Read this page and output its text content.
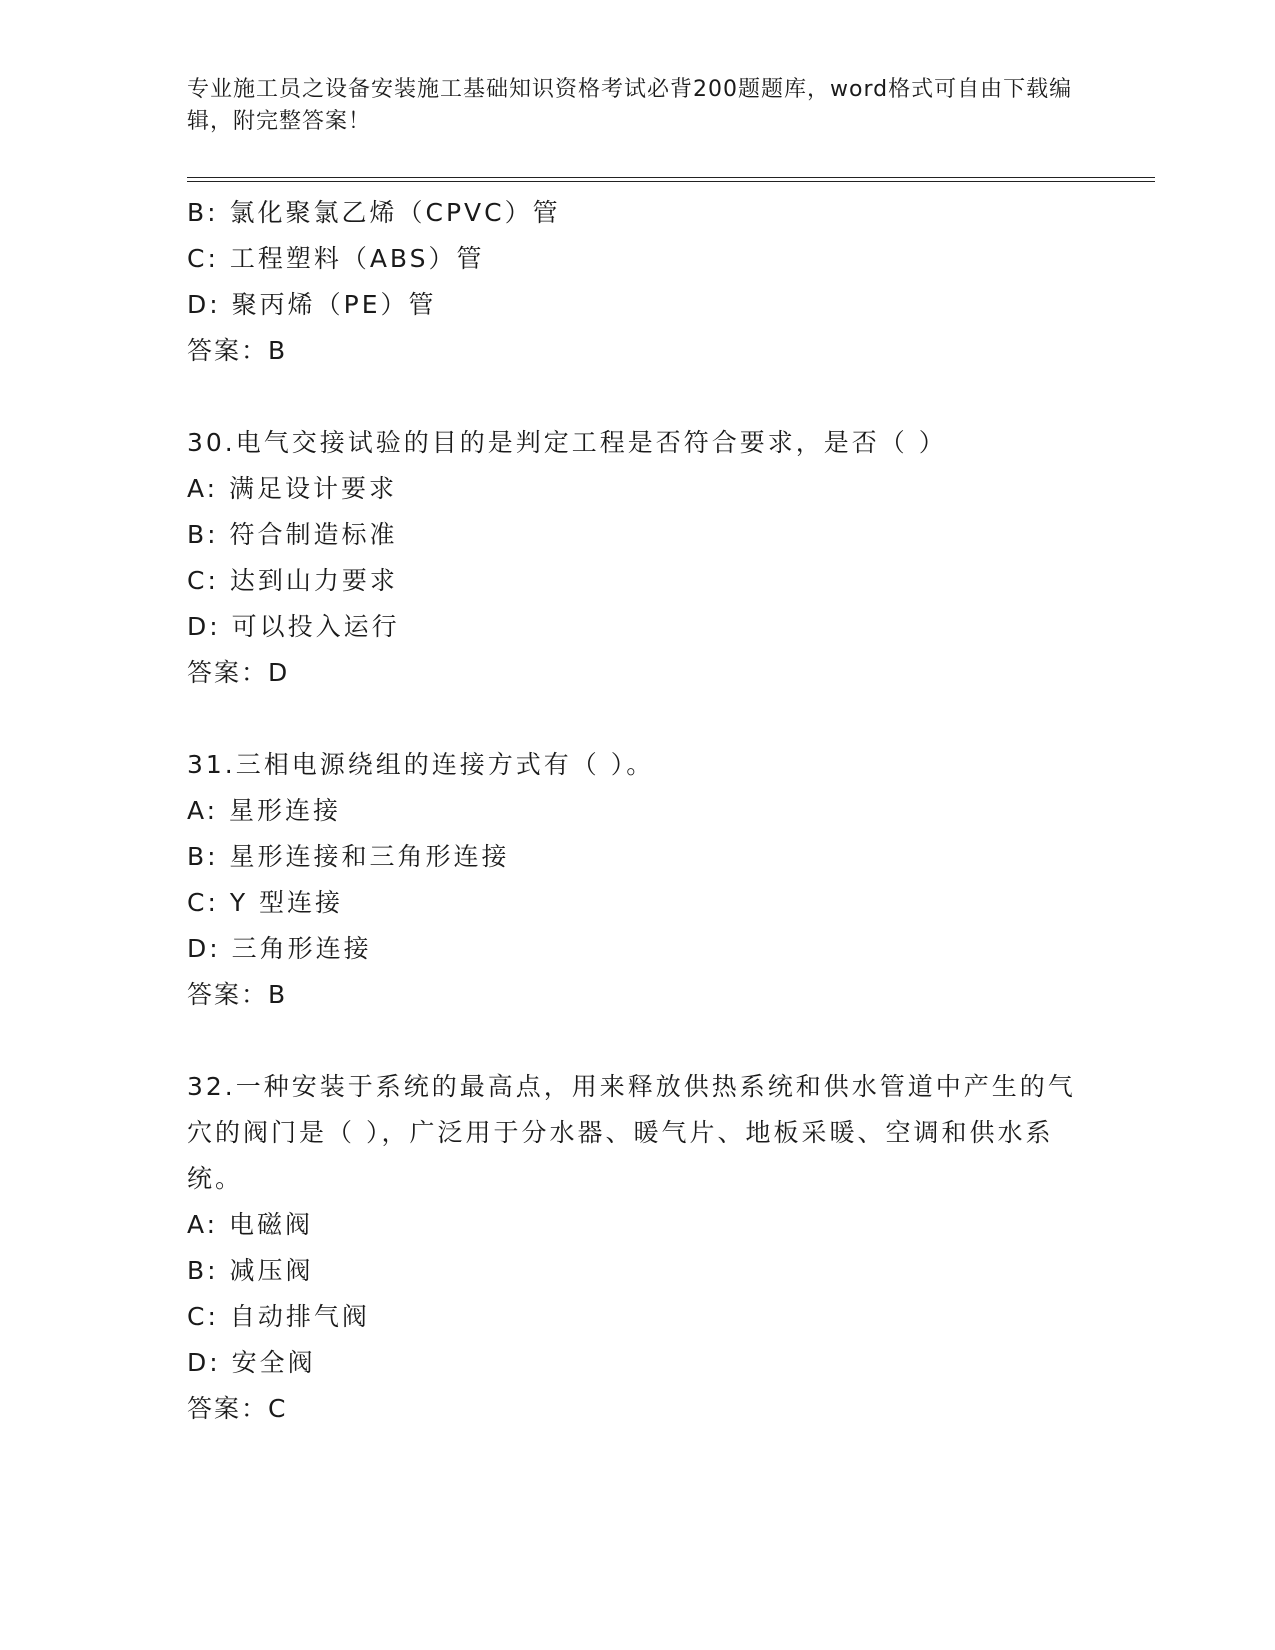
专业施工员之设备安装施工基础知识资格考试必背200题题库，word格式可自由下载编辑，附完整答案！
B: 氯化聚氯乙烯（CPVC）管
C: 工程塑料（ABS）管
D: 聚丙烯（PE）管
答案：B
30.电气交接试验的目的是判定工程是否符合要求，是否（ ）
A: 满足设计要求
B: 符合制造标准
C: 达到山力要求
D: 可以投入运行
答案：D
31.三相电源绕组的连接方式有（ ）。
A: 星形连接
B: 星形连接和三角形连接
C: Y 型连接
D: 三角形连接
答案：B
32.一种安装于系统的最高点，用来释放供热系统和供水管道中产生的气穴的阀门是（ ），广泛用于分水器、暖气片、地板采暖、空调和供水系统。
A: 电磁阀
B: 减压阀
C: 自动排气阀
D: 安全阀
答案：C
